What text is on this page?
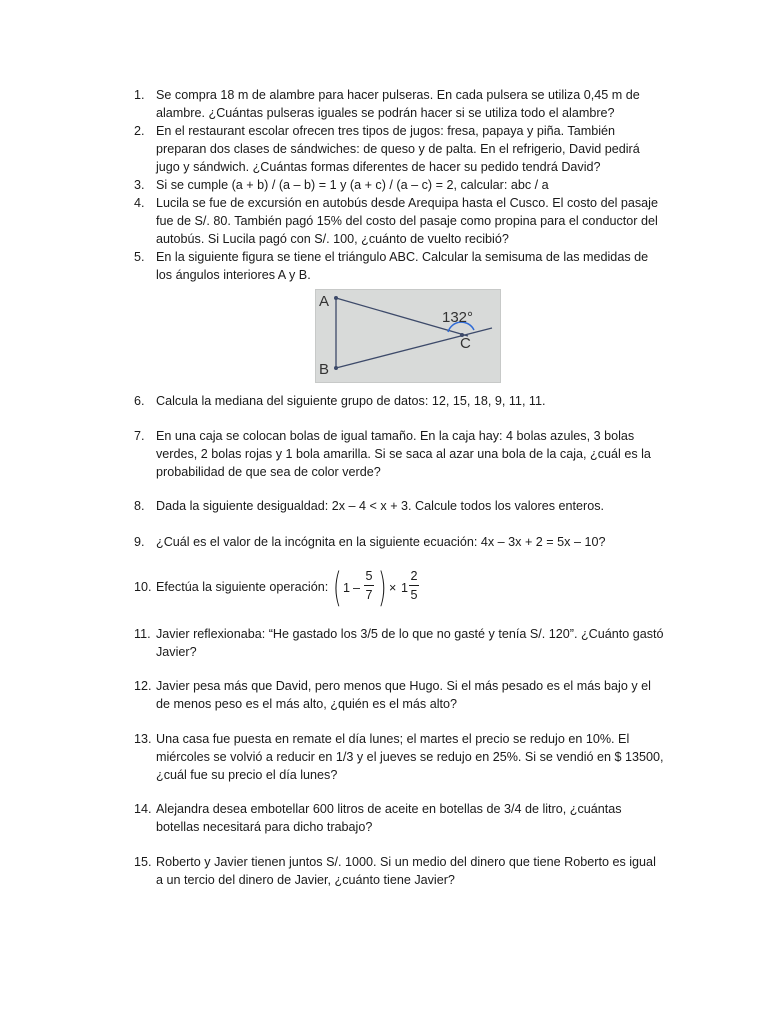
1. Se compra 18 m de alambre para hacer pulseras. En cada pulsera se utiliza 0,45 m de alambre. ¿Cuántas pulseras iguales se podrán hacer si se utiliza todo el alambre?
2. En el restaurant escolar ofrecen tres tipos de jugos: fresa, papaya y piña. También preparan dos clases de sándwiches: de queso y de palta. En el refrigerio, David pedirá jugo y sándwich. ¿Cuántas formas diferentes de hacer su pedido tendrá David?
3. Si se cumple (a + b) / (a – b) = 1 y (a + c) / (a – c) = 2, calcular: abc / a
4. Lucila se fue de excursión en autobús desde Arequipa hasta el Cusco. El costo del pasaje fue de S/. 80. También pagó 15% del costo del pasaje como propina para el conductor del autobús. Si Lucila pagó con S/. 100, ¿cuánto de vuelto recibió?
5. En la siguiente figura se tiene el triángulo ABC. Calcular la semisuma de las medidas de los ángulos interiores A y B.
A
B
C
132°
6. Calcula la mediana del siguiente grupo de datos: 12, 15, 18, 9, 11, 11.
7. En una caja se colocan bolas de igual tamaño. En la caja hay: 4 bolas azules, 3 bolas verdes, 2 bolas rojas y 1 bola amarilla. Si se saca al azar una bola de la caja, ¿cuál es la probabilidad de que sea de color verde?
8. Dada la siguiente desigualdad: 2x – 4 < x + 3. Calcule todos los valores enteros.
9. ¿Cuál es el valor de la incógnita en la siguiente ecuación: 4x – 3x + 2 = 5x – 10?
10. Efectúa la siguiente operación: ( 1 –
5
7 ) × 1
2
5
11. Javier reflexionaba: “He gastado los 3/5 de lo que no gasté y tenía S/. 120”. ¿Cuánto gastó Javier?
12. Javier pesa más que David, pero menos que Hugo. Si el más pesado es el más bajo y el de menos peso es el más alto, ¿quién es el más alto?
13. Una casa fue puesta en remate el día lunes; el martes el precio se redujo en 10%. El miércoles se volvió a reducir en 1/3 y el jueves se redujo en 25%. Si se vendió en $ 13500, ¿cuál fue su precio el día lunes?
14. Alejandra desea embotellar 600 litros de aceite en botellas de 3/4 de litro, ¿cuántas botellas necesitará para dicho trabajo?
15. Roberto y Javier tienen juntos S/. 1000. Si un medio del dinero que tiene Roberto es igual a un tercio del dinero de Javier, ¿cuánto tiene Javier?
